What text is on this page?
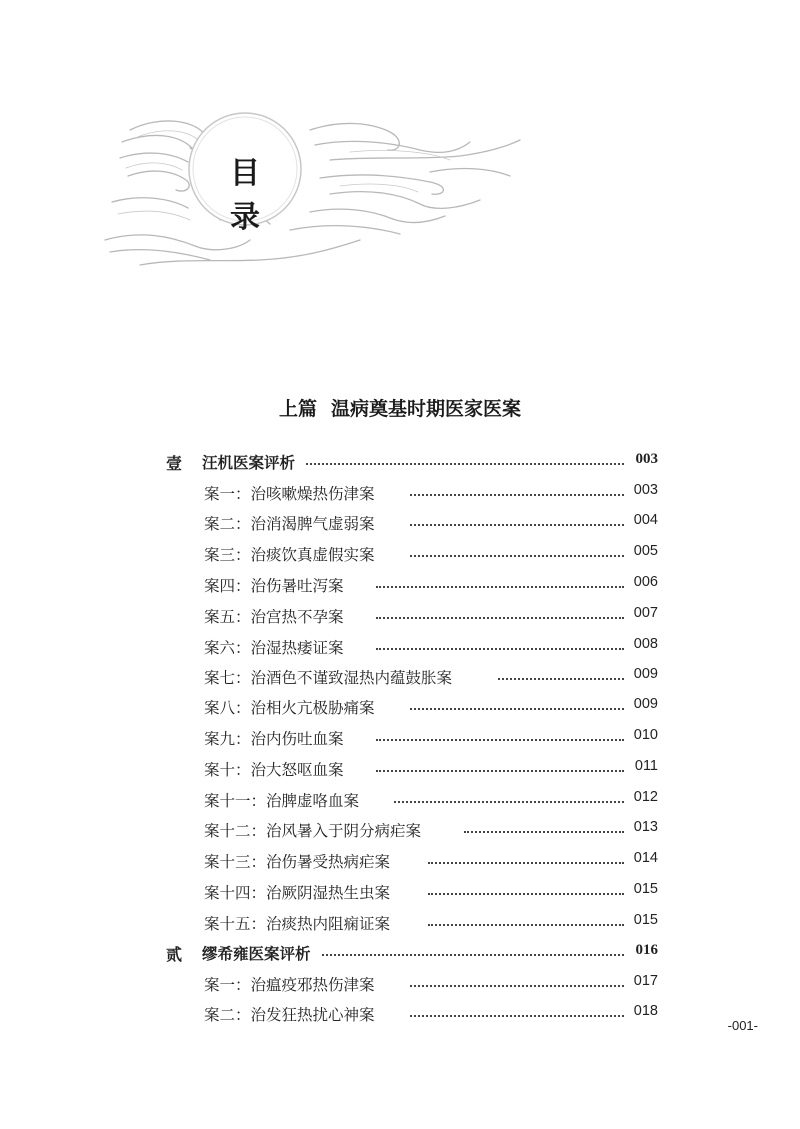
目 录
上篇 温病奠基时期医家医案
壹 汪机医案评析	003
案一：治咳嗽燥热伤津案	003
案二：治消渴脾气虚弱案	004
案三：治痰饮真虚假实案	005
案四：治伤暑吐泻案	006
案五：治宫热不孕案	007
案六：治湿热痿证案	008
案七：治酒色不谨致湿热内蕴鼓胀案	009
案八：治相火亢极胁痛案	009
案九：治内伤吐血案	010
案十：治大怒呕血案	011
案十一：治脾虚咯血案	012
案十二：治风暑入于阴分病疟案	013
案十三：治伤暑受热病疟案	014
案十四：治厥阴湿热生虫案	015
案十五：治痰热内阻痫证案	015
贰 缪希雍医案评析	016
案一：治瘟疫邪热伤津案	017
案二：治发狂热扰心神案	018
-001-
